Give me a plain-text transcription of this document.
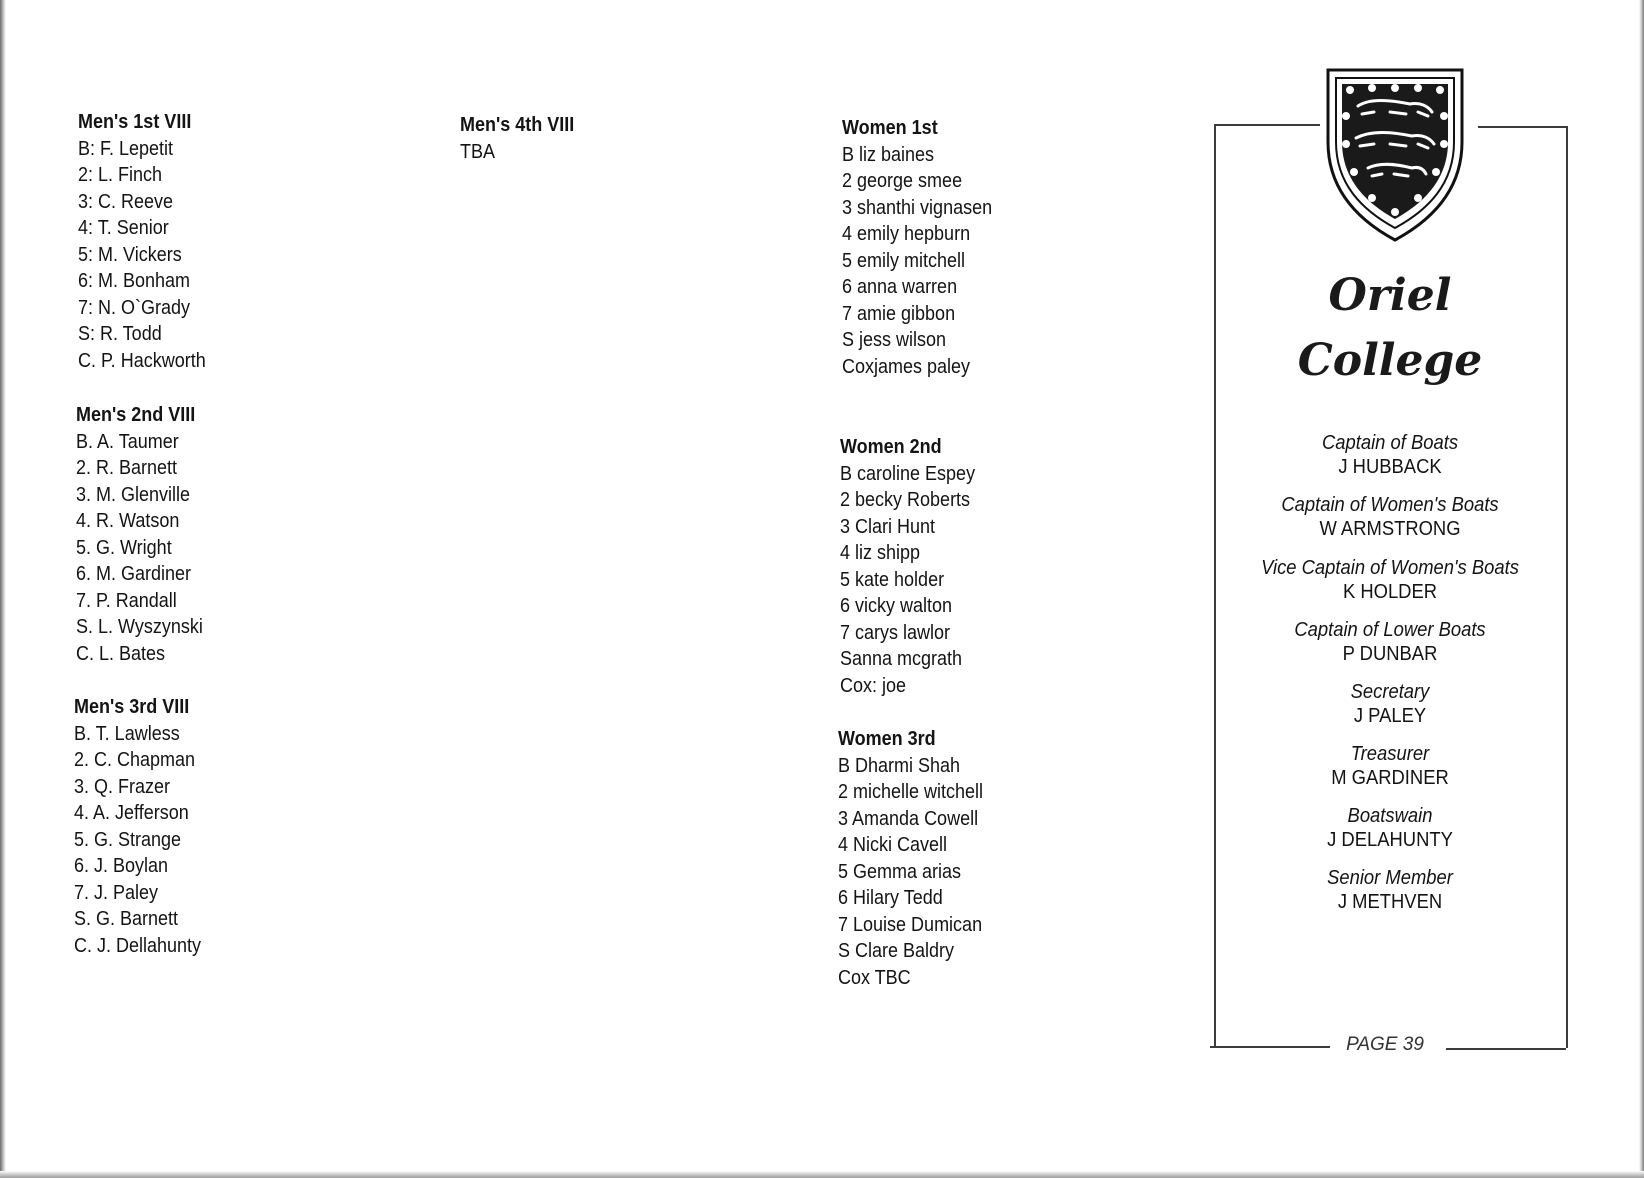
Men's 1st VIII
B: F. Lepetit
2: L. Finch
3: C. Reeve
4: T. Senior
5: M. Vickers
6: M. Bonham
7: N. O`Grady
S: R. Todd
C. P. Hackworth
Men's 2nd VIII
B. A. Taumer
2. R. Barnett
3. M. Glenville
4. R. Watson
5. G. Wright
6. M. Gardiner
7. P. Randall
S. L. Wyszynski
C. L. Bates
Men's 3rd VIII
B. T. Lawless
2. C. Chapman
3. Q. Frazer
4. A. Jefferson
5. G. Strange
6. J. Boylan
7. J. Paley
S. G. Barnett
C. J. Dellahunty
Men's 4th VIII
TBA
Women 1st
B liz baines
2 george smee
3 shanthi vignasen
4 emily hepburn
5 emily mitchell
6 anna warren
7 amie gibbon
S jess wilson
Coxjames paley
Women 2nd
B caroline Espey
2 becky Roberts
3 Clari Hunt
4 liz shipp
5 kate holder
6 vicky walton
7 carys lawlor
Sanna mcgrath
Cox: joe
Women 3rd
B Dharmi Shah
2 michelle witchell
3 Amanda Cowell
4 Nicki Cavell
5 Gemma arias
6 Hilary Tedd
7 Louise Dumican
S Clare Baldry
Cox TBC
Oriel
College
Captain of Boats
J HUBBACK
Captain of Women's Boats
W ARMSTRONG
Vice Captain of Women's Boats
K HOLDER
Captain of Lower Boats
P DUNBAR
Secretary
J PALEY
Treasurer
M GARDINER
Boatswain
J DELAHUNTY
Senior Member
J METHVEN
PAGE 39
